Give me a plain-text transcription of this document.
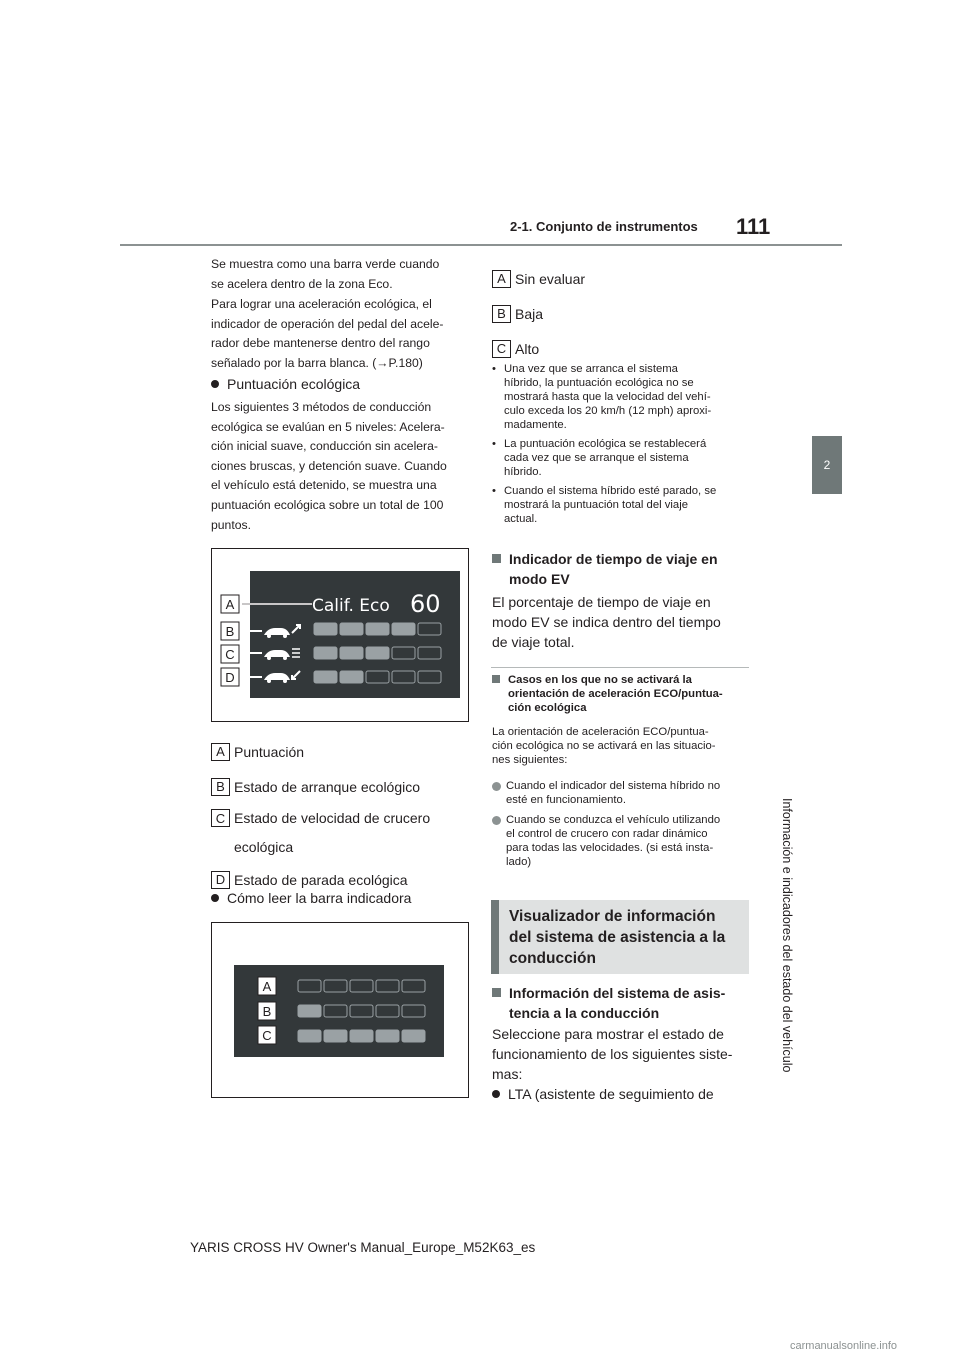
2-1. Conjunto de instrumentos 111
2
Información e indicadores del estado del vehículo
Se muestra como una barra verde cuando
se acelera dentro de la zona Eco.
Para lograr una aceleración ecológica, el
indicador de operación del pedal del acele-
rador debe mantenerse dentro del rango
señalado por la barra blanca. (→P.180)
Puntuación ecológica
Los siguientes 3 métodos de conducción
ecológica se evalúan en 5 niveles: Acelera-
ción inicial suave, conducción sin acelera-
ciones bruscas, y detención suave. Cuando
el vehículo está detenido, se muestra una
puntuación ecológica sobre un total de 100
puntos.
A
B
C
D
Calif. Eco 60
A Puntuación
B Estado de arranque ecológico
C Estado de velocidad de crucero
ecológica
D Estado de parada ecológica
Cómo leer la barra indicadora
A
B
C
A Sin evaluar
B Baja
C Alto
• Una vez que se arranca el sistema
híbrido, la puntuación ecológica no se
mostrará hasta que la velocidad del vehí-
culo exceda los 20 km/h (12 mph) aproxi-
madamente.
• La puntuación ecológica se restablecerá
cada vez que se arranque el sistema
híbrido.
• Cuando el sistema híbrido esté parado, se
mostrará la puntuación total del viaje
actual.
Indicador de tiempo de viaje en
modo EV
El porcentaje de tiempo de viaje en
modo EV se indica dentro del tiempo
de viaje total.
Casos en los que no se activará la
orientación de aceleración ECO/puntua-
ción ecológica
La orientación de aceleración ECO/puntua-
ción ecológica no se activará en las situacio-
nes siguientes:
Cuando el indicador del sistema híbrido no
esté en funcionamiento.
Cuando se conduzca el vehículo utilizando
el control de crucero con radar dinámico
para todas las velocidades. (si está insta-
lado)
Visualizador de información
del sistema de asistencia a la
conducción
Información del sistema de asis-
tencia a la conducción
Seleccione para mostrar el estado de
funcionamiento de los siguientes siste-
mas:
LTA (asistente de seguimiento de
YARIS CROSS HV Owner's Manual_Europe_M52K63_es
carmanualsonline.info
